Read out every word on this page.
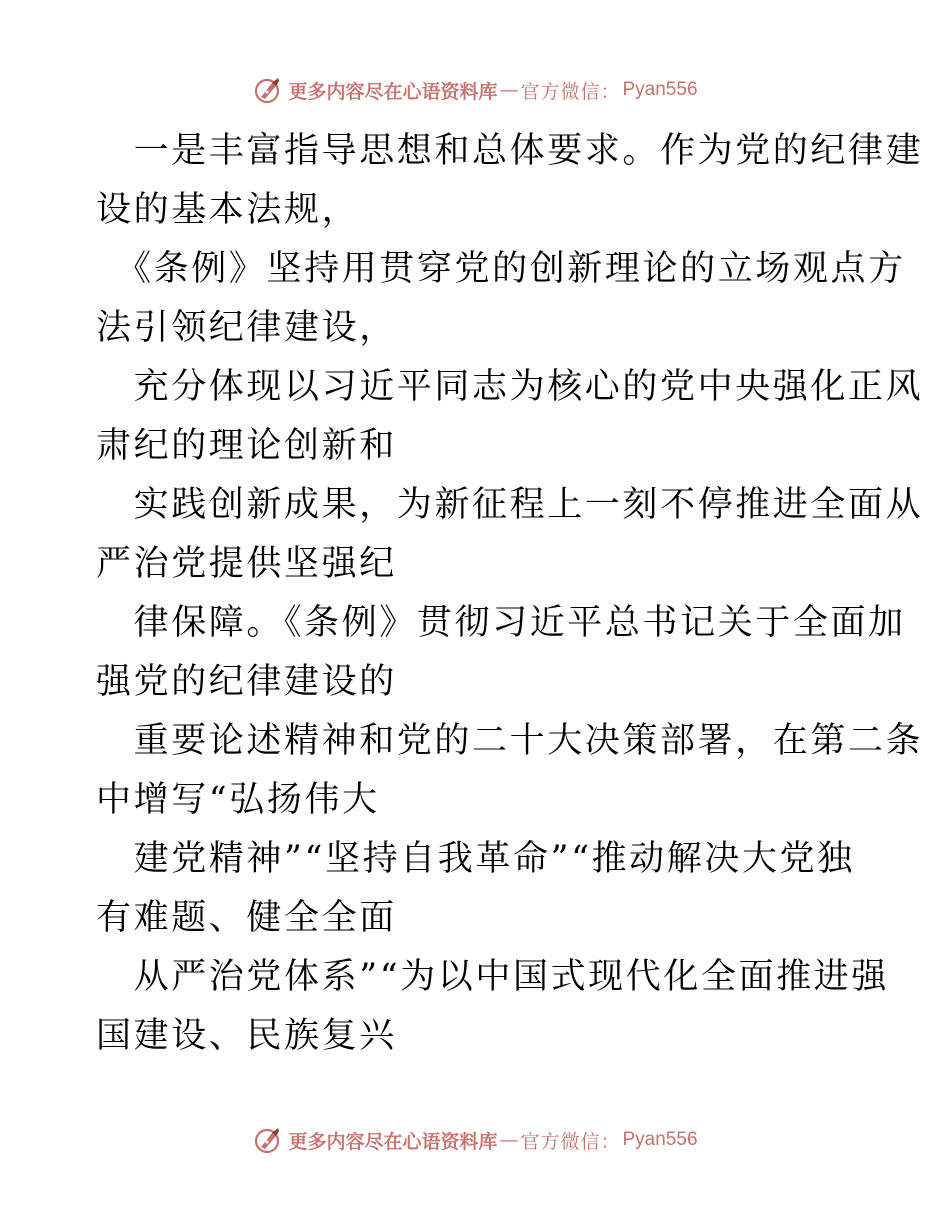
更多内容尽在心语资料库 — 官方微信： Pyan556

　一是丰富指导思想和总体要求。作为党的纪律建
设的基本法规，

　《条例》坚持用贯穿党的创新理论的立场观点方
法引领纪律建设，

　充分体现以习近平同志为核心的党中央强化正风
肃纪的理论创新和

　实践创新成果，为新征程上一刻不停推进全面从
严治党提供坚强纪

　律保障。《条例》贯彻习近平总书记关于全面加
强党的纪律建设的

　重要论述精神和党的二十大决策部署，在第二条
中增写“弘扬伟大

　建党精神”“坚持自我革命”“推动解决大党独
有难题、健全全面

　从严治党体系”“为以中国式现代化全面推进强
国建设、民族复兴

更多内容尽在心语资料库 — 官方微信： Pyan556
